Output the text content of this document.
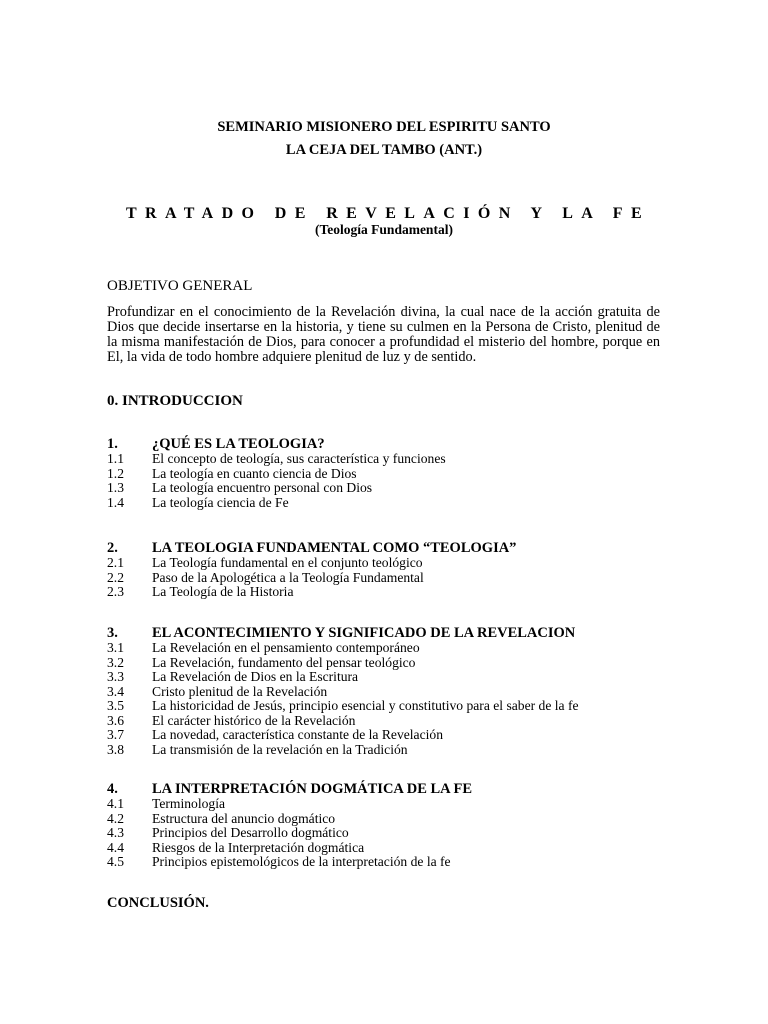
SEMINARIO MISIONERO DEL ESPIRITU SANTO
LA CEJA DEL TAMBO (ANT.)
TRATADO DE REVELACIÓN Y LA FE
(Teología Fundamental)
OBJETIVO GENERAL
Profundizar en el conocimiento de la Revelación divina, la cual nace de la acción gratuita de Dios que decide insertarse en la historia, y tiene su culmen en la Persona de Cristo, plenitud de la misma manifestación de Dios, para conocer a profundidad el misterio del hombre, porque en El, la vida de todo hombre adquiere plenitud de luz y de sentido.
0. INTRODUCCION
1.	¿QUÉ ES LA TEOLOGIA?
1.1	El concepto de teología, sus característica y funciones
1.2	La teología en cuanto ciencia de Dios
1.3	La teología encuentro personal con Dios
1.4	La teología ciencia de Fe
2.	LA TEOLOGIA FUNDAMENTAL COMO “TEOLOGIA”
2.1	La Teología fundamental en el conjunto teológico
2.2	Paso de la Apologética a la Teología Fundamental
2.3	La Teología de la Historia
3.	EL ACONTECIMIENTO Y SIGNIFICADO DE LA REVELACION
3.1	La Revelación en el pensamiento contemporáneo
3.2	La Revelación, fundamento del pensar teológico
3.3	La Revelación de Dios en la Escritura
3.4	Cristo plenitud de la Revelación
3.5	La historicidad de Jesús, principio esencial y constitutivo para el saber de la fe
3.6	El carácter histórico de la Revelación
3.7	La novedad, característica constante de la Revelación
3.8	La transmisión de la revelación en la Tradición
4.	LA INTERPRETACIÓN DOGMÁTICA DE LA FE
4.1	Terminología
4.2	Estructura del anuncio dogmático
4.3	Principios del Desarrollo dogmático
4.4	Riesgos de la Interpretación dogmática
4.5	Principios epistemológicos de la interpretación de la fe
CONCLUSIÓN.
